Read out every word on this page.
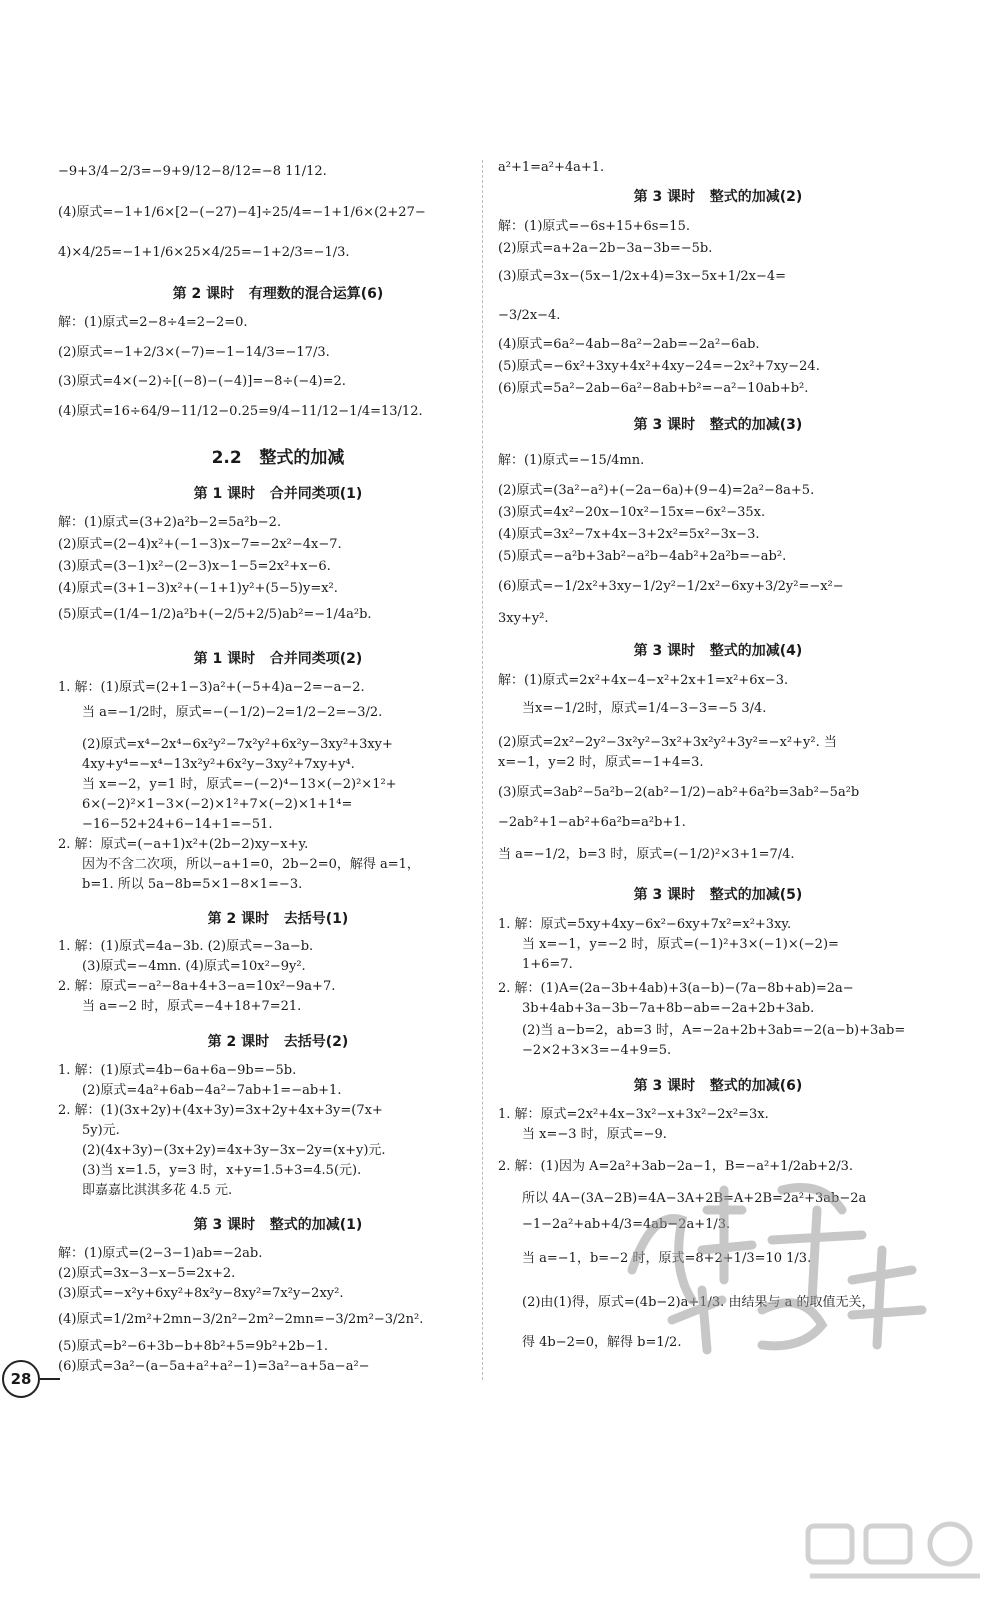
−9+3/4−2/3=−9+9/12−8/12=−8 11/12.
(4)原式=−1+1/6×[2−(−27)−4]÷25/4=−1+1/6×(2+27−
4)×4/25=−1+1/6×25×4/25=−1+2/3=−1/3.
第 2 课时   有理数的混合运算(6)
解：(1)原式=2−8÷4=2−2=0.
(2)原式=−1+2/3×(−7)=−1−14/3=−17/3.
(3)原式=4×(−2)÷[(−8)−(−4)]=−8÷(−4)=2.
(4)原式=16÷64/9−11/12−0.25=9/4−11/12−1/4=13/12.
2.2   整式的加减
第 1 课时   合并同类项(1)
解：(1)原式=(3+2)a²b−2=5a²b−2.
(2)原式=(2−4)x²+(−1−3)x−7=−2x²−4x−7.
(3)原式=(3−1)x²−(2−3)x−1−5=2x²+x−6.
(4)原式=(3+1−3)x²+(−1+1)y²+(5−5)y=x².
(5)原式=(1/4−1/2)a²b+(−2/5+2/5)ab²=−1/4a²b.
第 1 课时   合并同类项(2)
1. 解：(1)原式=(2+1−3)a²+(−5+4)a−2=−a−2.
当 a=−1/2时，原式=−(−1/2)−2=1/2−2=−3/2.
(2)原式=x⁴−2x⁴−6x²y²−7x²y²+6x²y−3xy²+3xy+
4xy+y⁴=−x⁴−13x²y²+6x²y−3xy²+7xy+y⁴.
当 x=−2，y=1 时，原式=−(−2)⁴−13×(−2)²×1²+
6×(−2)²×1−3×(−2)×1²+7×(−2)×1+1⁴=
−16−52+24+6−14+1=−51.
2. 解：原式=(−a+1)x²+(2b−2)xy−x+y.
因为不含二次项，所以−a+1=0，2b−2=0，解得 a=1，
b=1. 所以 5a−8b=5×1−8×1=−3.
第 2 课时   去括号(1)
1. 解：(1)原式=4a−3b. (2)原式=−3a−b.
(3)原式=−4mn. (4)原式=10x²−9y².
2. 解：原式=−a²−8a+4+3−a=10x²−9a+7.
当 a=−2 时，原式=−4+18+7=21.
第 2 课时   去括号(2)
1. 解：(1)原式=4b−6a+6a−9b=−5b.
(2)原式=4a²+6ab−4a²−7ab+1=−ab+1.
2. 解：(1)(3x+2y)+(4x+3y)=3x+2y+4x+3y=(7x+
5y)元.
(2)(4x+3y)−(3x+2y)=4x+3y−3x−2y=(x+y)元.
(3)当 x=1.5，y=3 时，x+y=1.5+3=4.5(元).
即嘉嘉比淇淇多花 4.5 元.
第 3 课时   整式的加减(1)
解：(1)原式=(2−3−1)ab=−2ab.
(2)原式=3x−3−x−5=2x+2.
(3)原式=−x²y+6xy²+8x²y−8xy²=7x²y−2xy².
(4)原式=1/2m²+2mn−3/2n²−2m²−2mn=−3/2m²−3/2n².
(5)原式=b²−6+3b−b+8b²+5=9b²+2b−1.
(6)原式=3a²−(a−5a+a²+a²−1)=3a²−a+5a−a²−
a²+1=a²+4a+1.
第 3 课时   整式的加减(2)
解：(1)原式=−6s+15+6s=15.
(2)原式=a+2a−2b−3a−3b=−5b.
(3)原式=3x−(5x−1/2x+4)=3x−5x+1/2x−4=
−3/2x−4.
(4)原式=6a²−4ab−8a²−2ab=−2a²−6ab.
(5)原式=−6x²+3xy+4x²+4xy−24=−2x²+7xy−24.
(6)原式=5a²−2ab−6a²−8ab+b²=−a²−10ab+b².
第 3 课时   整式的加减(3)
解：(1)原式=−15/4mn.
(2)原式=(3a²−a²)+(−2a−6a)+(9−4)=2a²−8a+5.
(3)原式=4x²−20x−10x²−15x=−6x²−35x.
(4)原式=3x²−7x+4x−3+2x²=5x²−3x−3.
(5)原式=−a²b+3ab²−a²b−4ab²+2a²b=−ab².
(6)原式=−1/2x²+3xy−1/2y²−1/2x²−6xy+3/2y²=−x²−
3xy+y².
第 3 课时   整式的加减(4)
解：(1)原式=2x²+4x−4−x²+2x+1=x²+6x−3.
当x=−1/2时，原式=1/4−3−3=−5 3/4.
(2)原式=2x²−2y²−3x²y²−3x²+3x²y²+3y²=−x²+y². 当
x=−1，y=2 时，原式=−1+4=3.
(3)原式=3ab²−5a²b−2(ab²−1/2)−ab²+6a²b=3ab²−5a²b
−2ab²+1−ab²+6a²b=a²b+1.
当 a=−1/2，b=3 时，原式=(−1/2)²×3+1=7/4.
第 3 课时   整式的加减(5)
1. 解：原式=5xy+4xy−6x²−6xy+7x²=x²+3xy.
当 x=−1，y=−2 时，原式=(−1)²+3×(−1)×(−2)=
1+6=7.
2. 解：(1)A=(2a−3b+4ab)+3(a−b)−(7a−8b+ab)=2a−
3b+4ab+3a−3b−7a+8b−ab=−2a+2b+3ab.
(2)当 a−b=2，ab=3 时，A=−2a+2b+3ab=−2(a−b)+3ab=
−2×2+3×3=−4+9=5.
第 3 课时   整式的加减(6)
1. 解：原式=2x²+4x−3x²−x+3x²−2x²=3x.
当 x=−3 时，原式=−9.
2. 解：(1)因为 A=2a²+3ab−2a−1，B=−a²+1/2ab+2/3.
所以 4A−(3A−2B)=4A−3A+2B=A+2B=2a²+3ab−2a
−1−2a²+ab+4/3=4ab−2a+1/3.
当 a=−1，b=−2 时，原式=8+2+1/3=10 1/3.
(2)由(1)得，原式=(4b−2)a+1/3. 由结果与 a 的取值无关，
得 4b−2=0，解得 b=1/2.
28
